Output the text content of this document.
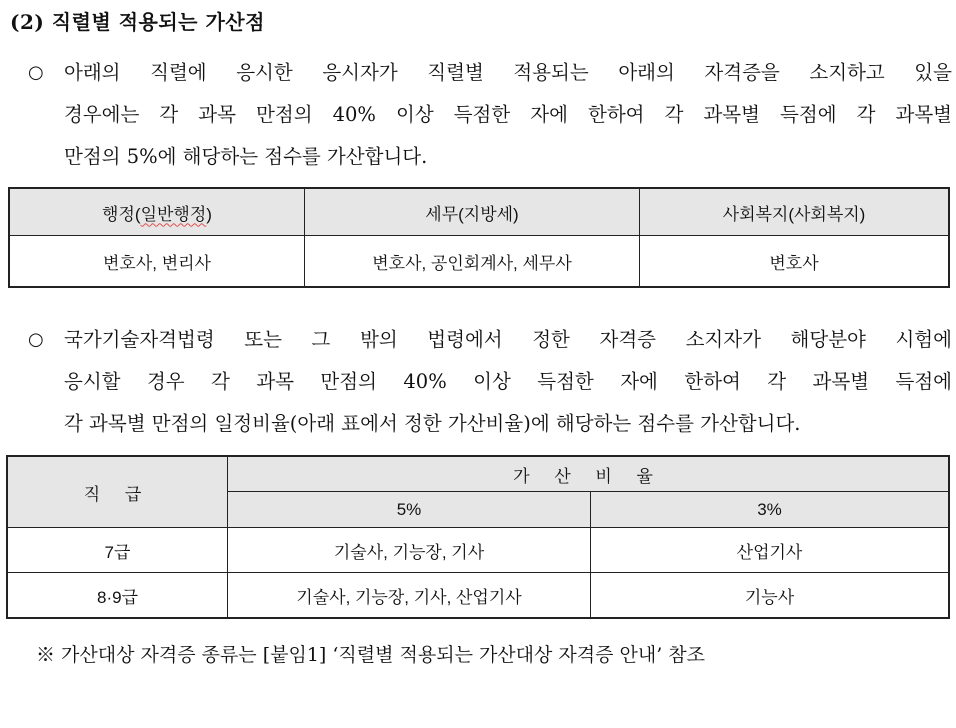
(2) 직렬별 적용되는 가산점
○	아래의 직렬에 응시한 응시자가 직렬별 적용되는 아래의 자격증을 소지하고 있을
경우에는 각 과목 만점의 40% 이상 득점한 자에 한하여 각 과목별 득점에 각 과목별
만점의 5%에 해당하는 점수를 가산합니다.
행정(일반행정)	세무(지방세)	사회복지(사회복지)
변호사, 변리사	변호사, 공인회계사, 세무사	변호사
○	국가기술자격법령 또는 그 밖의 법령에서 정한 자격증 소지자가 해당분야 시험에
응시할 경우 각 과목 만점의 40% 이상 득점한 자에 한하여 각 과목별 득점에
각 과목별 만점의 일정비율(아래 표에서 정한 가산비율)에 해당하는 점수를 가산합니다.
직 급	가 산 비 율	
	5%	3%
7급	기술사, 기능장, 기사	산업기사
8·9급	기술사, 기능장, 기사, 산업기사	기능사
※ 가산대상 자격증 종류는 [붙임1] ‘직렬별 적용되는 가산대상 자격증 안내’ 참조
